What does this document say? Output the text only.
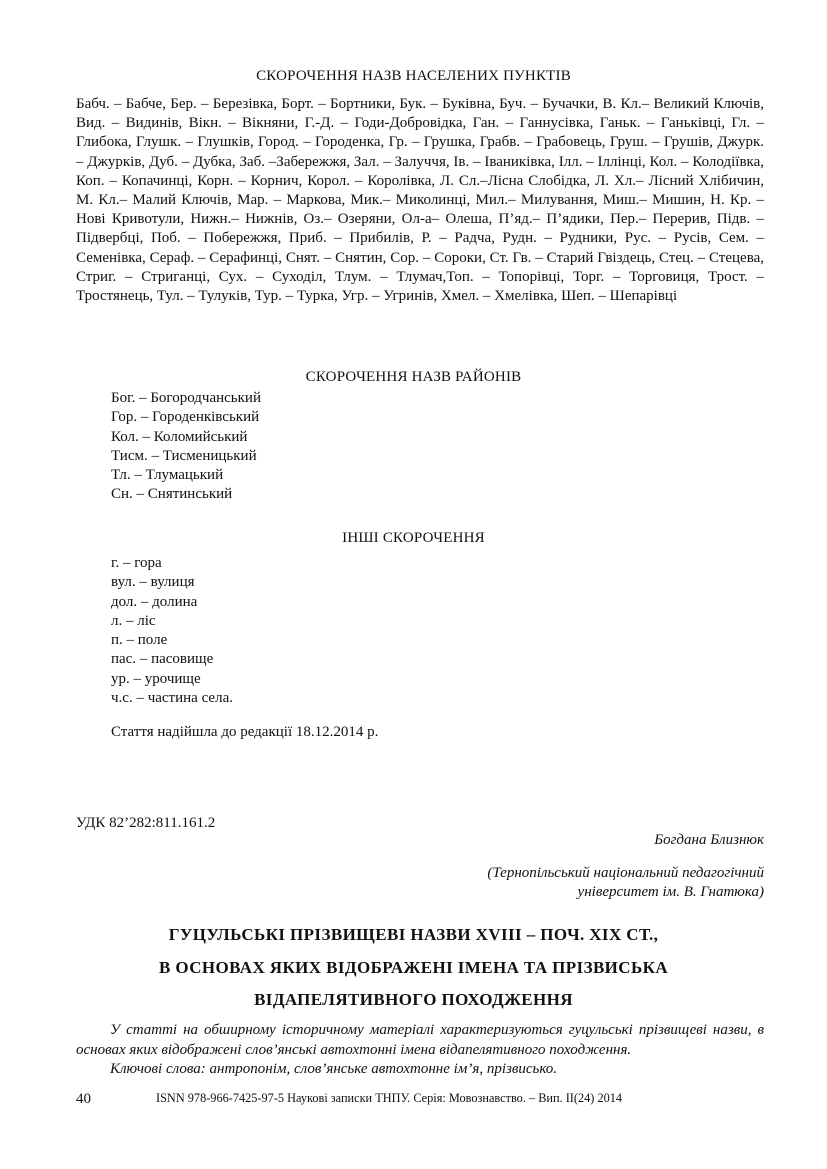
СКОРОЧЕННЯ НАЗВ НАСЕЛЕНИХ ПУНКТІВ
Бабч. – Бабче, Бер. – Березівка, Борт. – Бортники, Бук. – Буківна, Буч. – Бучачки, В. Кл.– Великий Ключів, Вид. – Видинів, Вікн. – Вікняни, Г.-Д. – Годи-Добровідка, Ган. – Ганнусівка, Ганьк. – Ганьківці, Гл. – Глибока, Глушк. – Глушків, Город. – Городенка, Гр. – Грушка, Грабв. – Грабовець, Груш. – Грушів, Джурк. – Джурків, Дуб. – Дубка, Заб. –Забережжя, Зал. – Залуччя, Ів. – Іваниківка, Ілл. – Іллінці, Кол. – Колодіївка, Коп. – Копачинці, Корн. – Корнич, Корол. – Королівка, Л. Сл.–Лісна Слобідка, Л. Хл.– Лісний Хлібичин, М. Кл.– Малий Ключів, Мар. – Маркова, Мик.– Миколинці, Мил.– Милування, Миш.– Мишин, Н. Кр. – Нові Кривотули, Нижн.– Нижнів, Оз.– Озеряни, Ол-а– Олеша, П’яд.– П’ядики, Пер.– Перерив, Підв. – Підвербці, Поб. – Побережжя, Приб. – Прибилів, Р. – Радча, Рудн. – Рудники, Рус. – Русів, Сем. – Семенівка, Сераф. – Серафинці, Снят. – Снятин, Сор. – Сороки, Ст. Гв. – Старий Гвіздець, Стец. – Стецева, Стриг. – Стриганці, Сух. – Суходіл, Тлум. – Тлумач,Топ. – Топорівці, Торг. – Торговиця, Трост. – Тростянець, Тул. – Тулуків, Тур. – Турка, Угр. – Угринів, Хмел. – Хмелівка, Шеп. – Шепарівці
СКОРОЧЕННЯ НАЗВ РАЙОНІВ
Бог. – Богородчанський
Гор. – Городенківський
Кол. – Коломийський
Тисм. – Тисменицький
Тл. – Тлумацький
Сн. – Снятинський
ІНШІ СКОРОЧЕННЯ
г. – гора
вул. – вулиця
дол. – долина
л. – ліс
п. – поле
пас. – пасовище
ур. – урочище
ч.с. – частина села.
Стаття надійшла до редакції 18.12.2014 р.
УДК 82’282:811.161.2
Богдана Близнюк
(Тернопільський національний педагогічний
університет ім. В. Гнатюка)
ГУЦУЛЬСЬКІ ПРІЗВИЩЕВІ НАЗВИ XVIII – ПОЧ. XIX СТ.,
В ОСНОВАХ ЯКИХ ВІДОБРАЖЕНІ ІМЕНА ТА ПРІЗВИСЬКА
ВІДАПЕЛЯТИВНОГО ПОХОДЖЕННЯ
У статті на обширному історичному матеріалі характеризуються гуцульські прізвищеві назви, в основах яких відображені слов’янські автохтонні імена відапелятивного походження.
Ключові слова: антропонім, слов’янське автохтонне ім’я, прізвисько.
40	ISNN 978-966-7425-97-5 Наукові записки ТНПУ. Серія: Мовознавство. – Вип. ІІ(24) 2014
